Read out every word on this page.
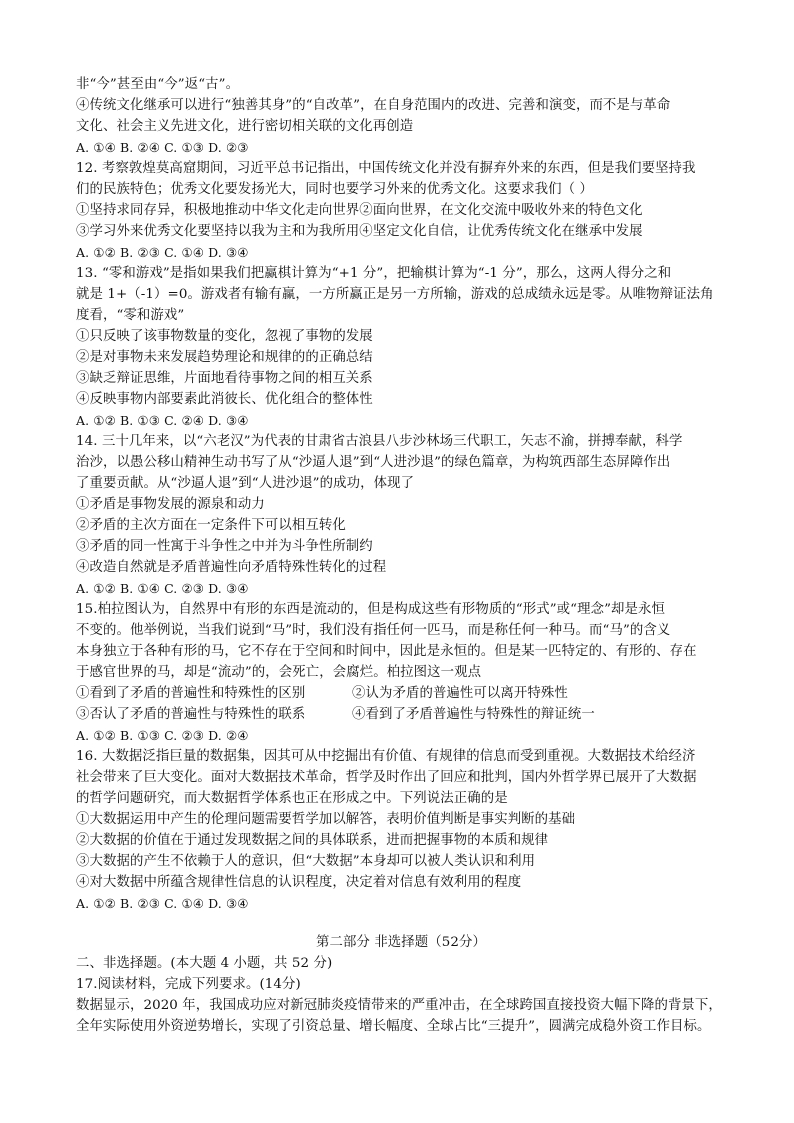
非“今”甚至由“今”返“古”。
④传统文化继承可以进行“独善其身”的“自改革”，在自身范围内的改进、完善和演变，而不是与革命
文化、社会主义先进文化，进行密切相关联的文化再创造
A. ①④ B. ②④ C. ①③ D. ②③
12. 考察敦煌莫高窟期间，习近平总书记指出，中国传统文化并没有摒弃外来的东西，但是我们要坚持我
们的民族特色；优秀文化要发扬光大，同时也要学习外来的优秀文化。这要求我们（ ）
①坚持求同存异，积极地推动中华文化走向世界②面向世界，在文化交流中吸收外来的特色文化
③学习外来优秀文化要坚持以我为主和为我所用④坚定文化自信，让优秀传统文化在继承中发展
A. ①② B. ②③ C. ①④ D. ③④
13. “零和游戏”是指如果我们把赢棋计算为“+1 分”，把输棋计算为“-1 分”，那么，这两人得分之和
就是 1+（-1）=0。游戏者有输有赢，一方所赢正是另一方所输，游戏的总成绩永远是零。从唯物辩证法角
度看，“零和游戏”
①只反映了该事物数量的变化，忽视了事物的发展
②是对事物未来发展趋势理论和规律的的正确总结
③缺乏辩证思维，片面地看待事物之间的相互关系
④反映事物内部要素此消彼长、优化组合的整体性
A. ①② B. ①③ C. ②④ D. ③④
14. 三十几年来，以“六老汉”为代表的甘肃省古浪县八步沙林场三代职工，矢志不渝，拼搏奉献，科学
治沙，以愚公移山精神生动书写了从“沙逼人退”到“人进沙退”的绿色篇章，为构筑西部生态屏障作出
了重要贡献。从“沙逼人退”到“人进沙退”的成功，体现了
①矛盾是事物发展的源泉和动力
②矛盾的主次方面在一定条件下可以相互转化
③矛盾的同一性寓于斗争性之中并为斗争性所制约
④改造自然就是矛盾普遍性向矛盾特殊性转化的过程
A. ①② B. ①④ C. ②③ D. ③④
15.柏拉图认为，自然界中有形的东西是流动的，但是构成这些有形物质的“形式”或“理念”却是永恒
不变的。他举例说，当我们说到“马”时，我们没有指任何一匹马，而是称任何一种马。而“马”的含义
本身独立于各种有形的马，它不存在于空间和时间中，因此是永恒的。但是某一匹特定的、有形的、存在
于感官世界的马，却是“流动”的，会死亡，会腐烂。柏拉图这一观点
①看到了矛盾的普遍性和特殊性的区别	②认为矛盾的普遍性可以离开特殊性
③否认了矛盾的普遍性与特殊性的联系	④看到了矛盾普遍性与特殊性的辩证统一
A. ①② B. ①③ C. ②③ D. ②④
16. 大数据泛指巨量的数据集，因其可从中挖掘出有价值、有规律的信息而受到重视。大数据技术给经济
社会带来了巨大变化。面对大数据技术革命，哲学及时作出了回应和批判，国内外哲学界已展开了大数据
的哲学问题研究，而大数据哲学体系也正在形成之中。下列说法正确的是
①大数据运用中产生的伦理问题需要哲学加以解答，表明价值判断是事实判断的基础
②大数据的价值在于通过发现数据之间的具体联系，进而把握事物的本质和规律
③大数据的产生不依赖于人的意识，但“大数据”本身却可以被人类认识和利用
④对大数据中所蕴含规律性信息的认识程度，决定着对信息有效利用的程度
A. ①② B. ②③ C. ①④ D. ③④
第二部分 非选择题（52分）
二、非选择题。(本大题 4 小题，共 52 分)
17.阅读材料，完成下列要求。(14分)
数据显示，2020 年，我国成功应对新冠肺炎疫情带来的严重冲击，在全球跨国直接投资大幅下降的背景下，
全年实际使用外资逆势增长，实现了引资总量、增长幅度、全球占比“三提升”，圆满完成稳外资工作目标。
